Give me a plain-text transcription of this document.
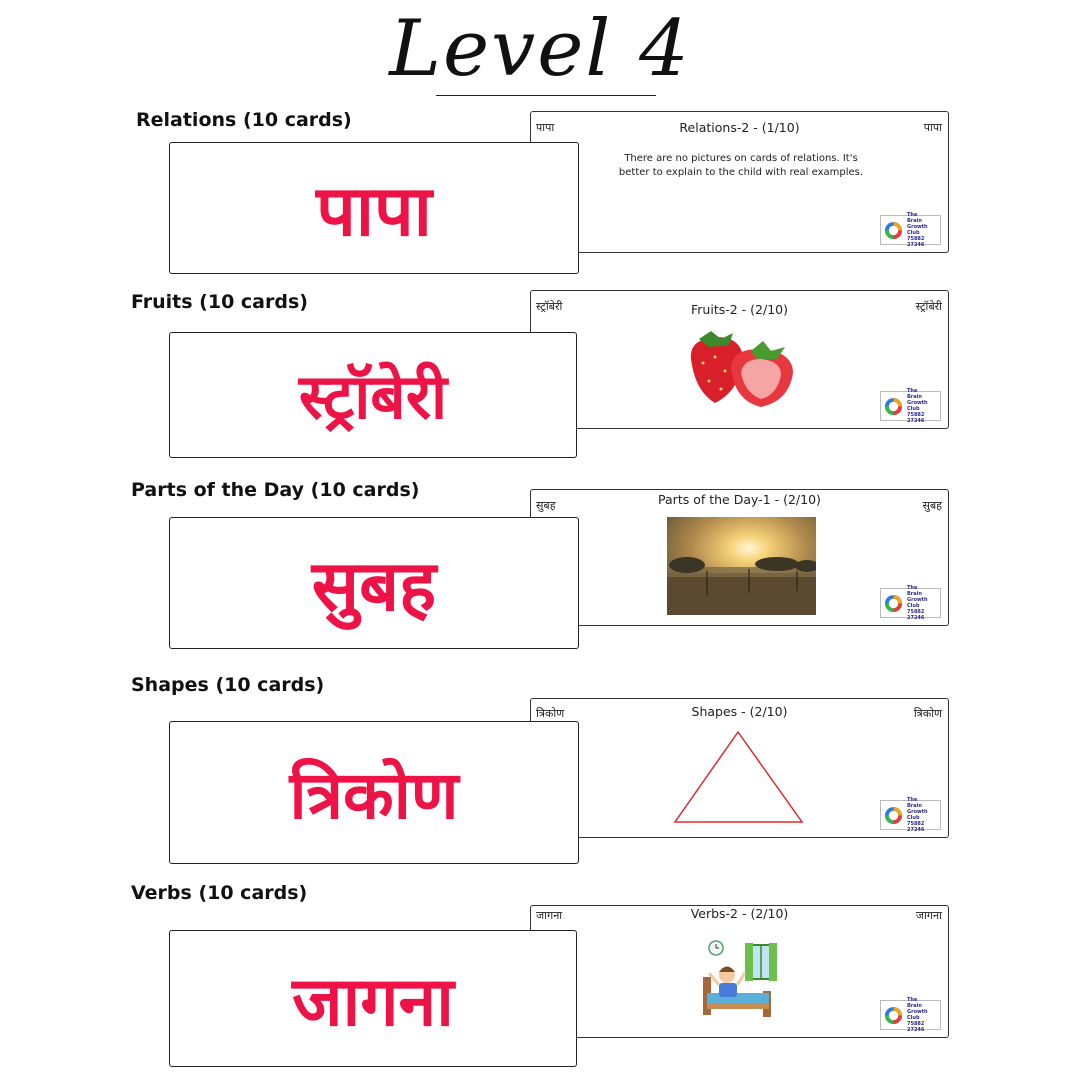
Level 4
Relations (10 cards)	पापा	Relations-2 - (1/10)	पापा
There are no pictures on cards of relations. It's better to explain to the child with real examples.
The
Brain Growth
Club
75882 27246
पापा
Fruits (10 cards)	स्ट्रॉबेरी	Fruits-2 - (2/10)	स्ट्रॉबेरी
The
Brain Growth
Club
75882 27246
स्ट्रॉबेरी
Parts of the Day (10 cards)
सुबह	Parts of the Day-1 - (2/10)	सुबह
The
Brain Growth
Club
75882 27246
सुबह
Shapes (10 cards)
त्रिकोण	Shapes - (2/10)	त्रिकोण
The
Brain Growth
Club
75882 27246
त्रिकोण
Verbs (10 cards)
जागना	Verbs-2 - (2/10)	जागना
The
Brain Growth
Club
75882 27246
जागना
